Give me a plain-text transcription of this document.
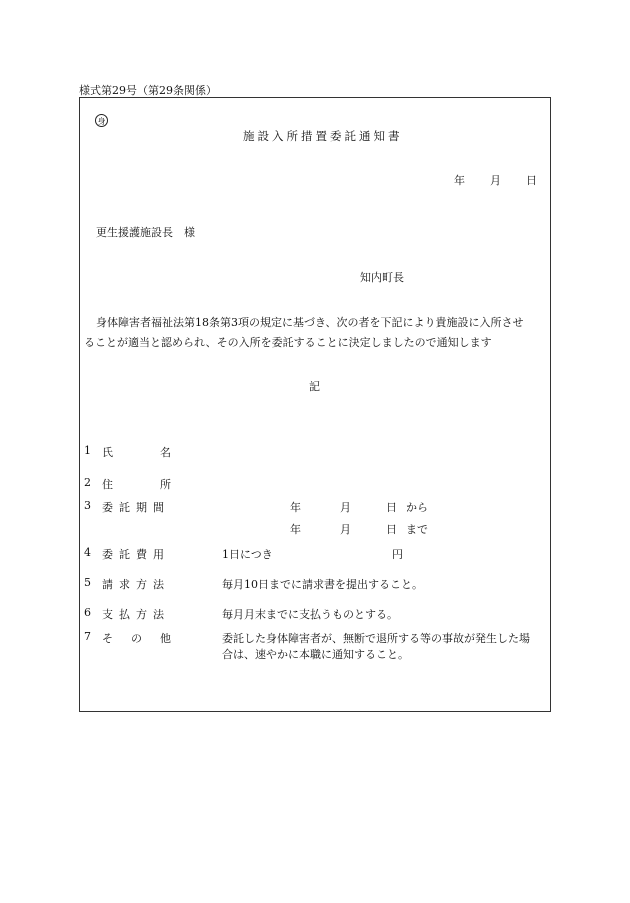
様式第29号（第29条関係）
身
施設入所措置委託通知書
年 月 日
更生援護施設長　様
知内町長
身体障害者福祉法第18条第3項の規定に基づき、次の者を下記により貴施設に入所させ
ることが適当と認められ、その入所を委託することに決定しましたので通知します
記
1 氏	名
2 住	所
3 委託期間	年	月	日 から
年	月	日 まで
4 委託費用	1日につき	円
5 請求方法	毎月10日までに請求書を提出すること。
6 支払方法	毎月月末までに支払うものとする。
7 その他	委託した身体障害者が、無断で退所する等の事故が発生した場
合は、速やかに本職に通知すること。
